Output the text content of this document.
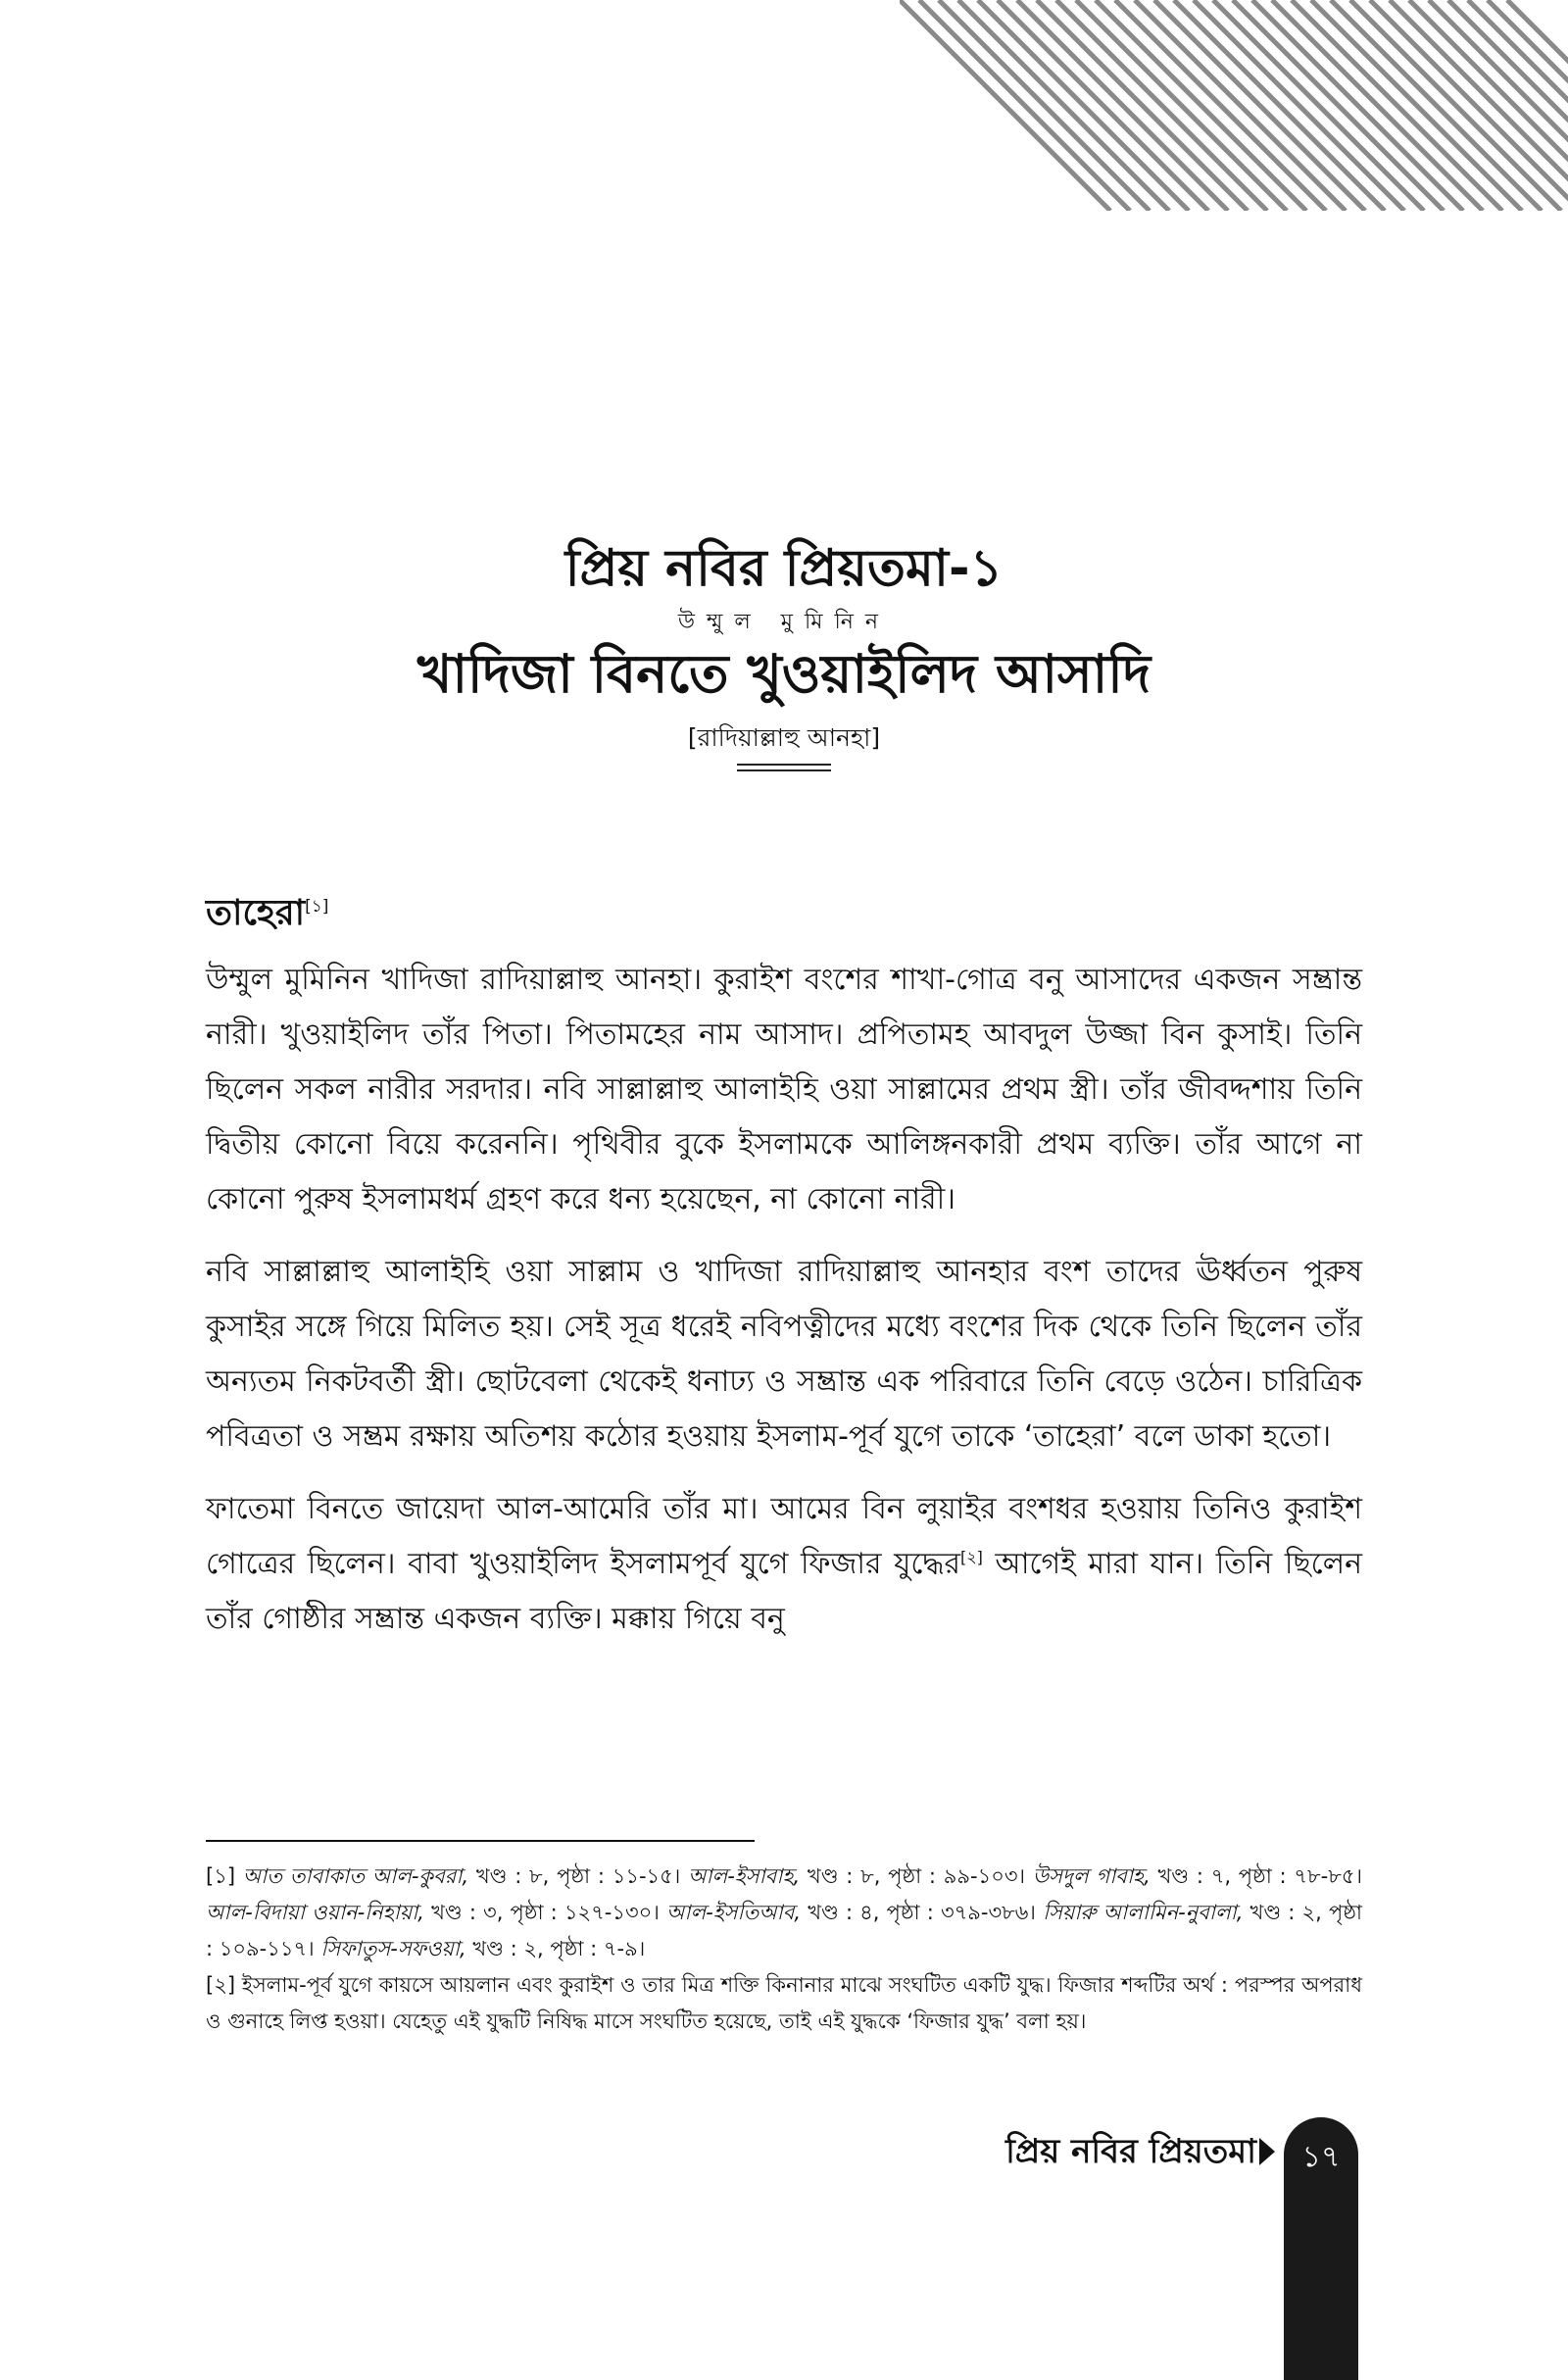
প্রিয় নবির প্রিয়তমা-১

উম্মুল মুমিনিন

খাদিজা বিনতে খুওয়াইলিদ আসাদি

[রাদিয়াল্লাহু আনহা]

তাহেরা[১]

উম্মুল মুমিনিন খাদিজা রাদিয়াল্লাহু আনহা। কুরাইশ বংশের শাখা-গোত্র বনু আসাদের একজন সম্ভ্রান্ত নারী। খুওয়াইলিদ তাঁর পিতা। পিতামহের নাম আসাদ। প্রপিতামহ আবদুল উজ্জা বিন কুসাই। তিনি ছিলেন সকল নারীর সরদার। নবি সাল্লাল্লাহু আলাইহি ওয়া সাল্লামের প্রথম স্ত্রী। তাঁর জীবদ্দশায় তিনি দ্বিতীয় কোনো বিয়ে করেননি। পৃথিবীর বুকে ইসলামকে আলিঙ্গনকারী প্রথম ব্যক্তি। তাঁর আগে না কোনো পুরুষ ইসলামধর্ম গ্রহণ করে ধন্য হয়েছেন, না কোনো নারী।

নবি সাল্লাল্লাহু আলাইহি ওয়া সাল্লাম ও খাদিজা রাদিয়াল্লাহু আনহার বংশ তাদের ঊর্ধ্বতন পুরুষ কুসাইর সঙ্গে গিয়ে মিলিত হয়। সেই সূত্র ধরেই নবিপত্নীদের মধ্যে বংশের দিক থেকে তিনি ছিলেন তাঁর অন্যতম নিকটবর্তী স্ত্রী। ছোটবেলা থেকেই ধনাঢ্য ও সম্ভ্রান্ত এক পরিবারে তিনি বেড়ে ওঠেন। চারিত্রিক পবিত্রতা ও সম্ভ্রম রক্ষায় অতিশয় কঠোর হওয়ায় ইসলাম-পূর্ব যুগে তাকে ‘তাহেরা’ বলে ডাকা হতো।

ফাতেমা বিনতে জায়েদা আল-আমেরি তাঁর মা। আমের বিন লুয়াইর বংশধর হওয়ায় তিনিও কুরাইশ গোত্রের ছিলেন। বাবা খুওয়াইলিদ ইসলামপূর্ব যুগে ফিজার যুদ্ধের[২] আগেই মারা যান। তিনি ছিলেন তাঁর গোষ্ঠীর সম্ভ্রান্ত একজন ব্যক্তি। মক্কায় গিয়ে বনু

[১] আত তাবাকাত আল-কুবরা, খণ্ড : ৮, পৃষ্ঠা : ১১-১৫। আল-ইসাবাহ, খণ্ড : ৮, পৃষ্ঠা : ৯৯-১০৩। উসদুল গাবাহ, খণ্ড : ৭, পৃষ্ঠা : ৭৮-৮৫। আল-বিদায়া ওয়ান-নিহায়া, খণ্ড : ৩, পৃষ্ঠা : ১২৭-১৩০। আল-ইসতিআব, খণ্ড : ৪, পৃষ্ঠা : ৩৭৯-৩৮৬। সিয়ারু আলামিন-নুবালা, খণ্ড : ২, পৃষ্ঠা : ১০৯-১১৭। সিফাতুস-সফওয়া, খণ্ড : ২, পৃষ্ঠা : ৭-৯।

[২] ইসলাম-পূর্ব যুগে কায়সে আয়লান এবং কুরাইশ ও তার মিত্র শক্তি কিনানার মাঝে সংঘটিত একটি যুদ্ধ। ফিজার শব্দটির অর্থ : পরস্পর অপরাধ ও গুনাহে লিপ্ত হওয়া। যেহেতু এই যুদ্ধটি নিষিদ্ধ মাসে সংঘটিত হয়েছে, তাই এই যুদ্ধকে ‘ফিজার যুদ্ধ’ বলা হয়।

প্রিয় নবির প্রিয়তমা	১৭
